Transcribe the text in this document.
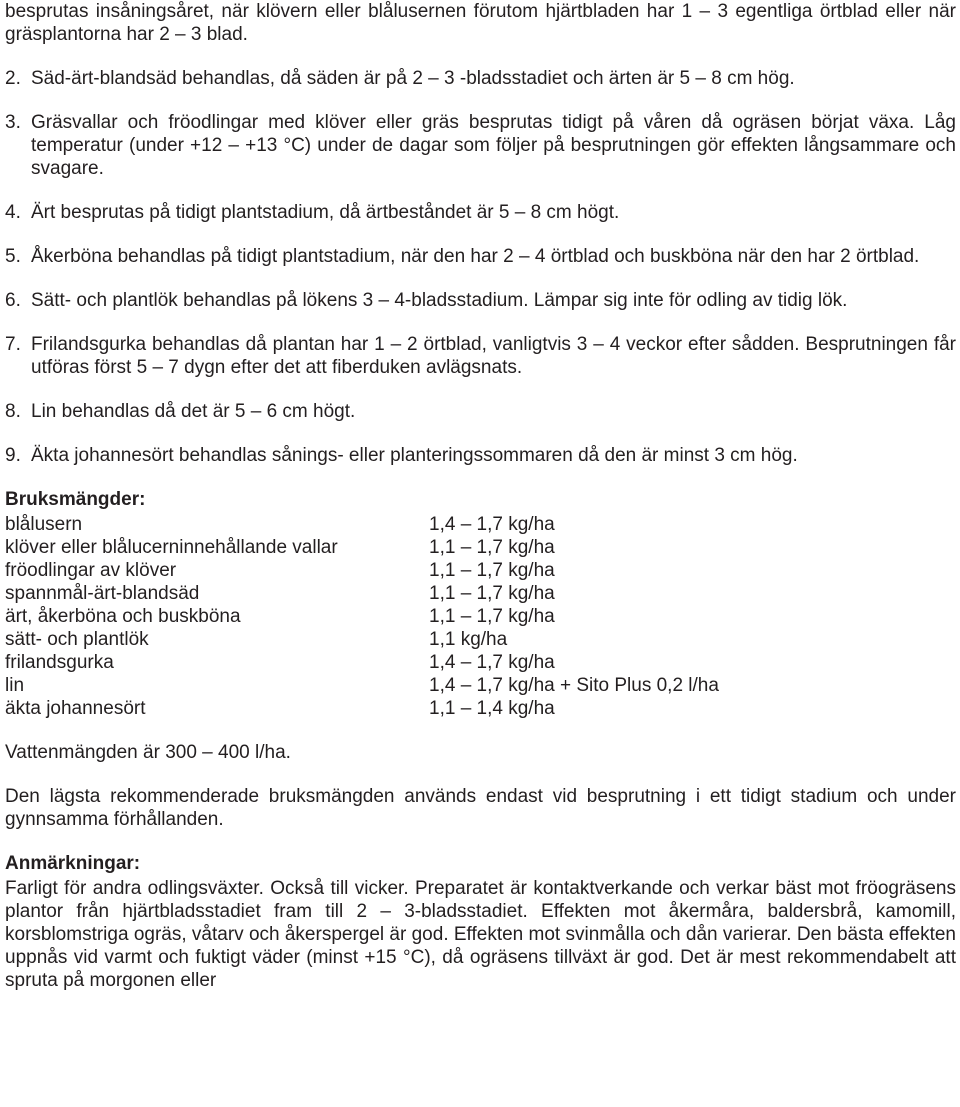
besprutas insåningsåret, när klövern eller blålusernen förutom hjärtbladen har 1 – 3 egentliga örtblad eller när gräsplantorna har 2 – 3 blad.
2. Säd-ärt-blandsäd behandlas, då säden är på 2 – 3 -bladsstadiet och ärten är 5 – 8 cm hög.
3. Gräsvallar och fröodlingar med klöver eller gräs besprutas tidigt på våren då ogräsen börjat växa. Låg temperatur (under +12 – +13 °C) under de dagar som följer på besprutningen gör effekten långsammare och svagare.
4. Ärt besprutas på tidigt plantstadium, då ärtbeståndet är 5 – 8 cm högt.
5. Åkerböna behandlas på tidigt plantstadium, när den har 2 – 4 örtblad och buskböna när den har 2 örtblad.
6. Sätt- och plantlök behandlas på lökens 3 – 4-bladsstadium. Lämpar sig inte för odling av tidig lök.
7. Frilandsgurka behandlas då plantan har 1 – 2 örtblad, vanligtvis 3 – 4 veckor efter sådden. Besprutningen får utföras först 5 – 7 dygn efter det att fiberduken avlägsnats.
8. Lin behandlas då det är 5 – 6 cm högt.
9. Äkta johannesört behandlas sånings- eller planteringssommaren då den är minst 3 cm hög.
Bruksmängder:
blålusern	1,4 – 1,7 kg/ha
klöver eller blålucerninnehållande vallar	1,1 – 1,7 kg/ha
fröodlingar av klöver	1,1 – 1,7 kg/ha
spannmål-ärt-blandsäd	1,1 – 1,7 kg/ha
ärt, åkerböna och buskböna	1,1 – 1,7 kg/ha
sätt- och plantlök	1,1 kg/ha
frilandsgurka	1,4 – 1,7 kg/ha
lin	1,4 – 1,7 kg/ha + Sito Plus 0,2 l/ha
äkta johannesört	1,1 – 1,4 kg/ha
Vattenmängden är 300 – 400 l/ha.
Den lägsta rekommenderade bruksmängden används endast vid besprutning i ett tidigt stadium och under gynnsamma förhållanden.
Anmärkningar:
Farligt för andra odlingsväxter. Också till vicker. Preparatet är kontaktverkande och verkar bäst mot fröogräsens plantor från hjärtbladsstadiet fram till 2 – 3-bladsstadiet. Effekten mot åkermåra, baldersbrå, kamomill, korsblomstriga ogräs, våtarv och åkerspergel är god. Effekten mot svinmålla och dån varierar. Den bästa effekten uppnås vid varmt och fuktigt väder (minst +15 °C), då ogräsens tillväxt är god. Det är mest rekommendabelt att spruta på morgonen eller
